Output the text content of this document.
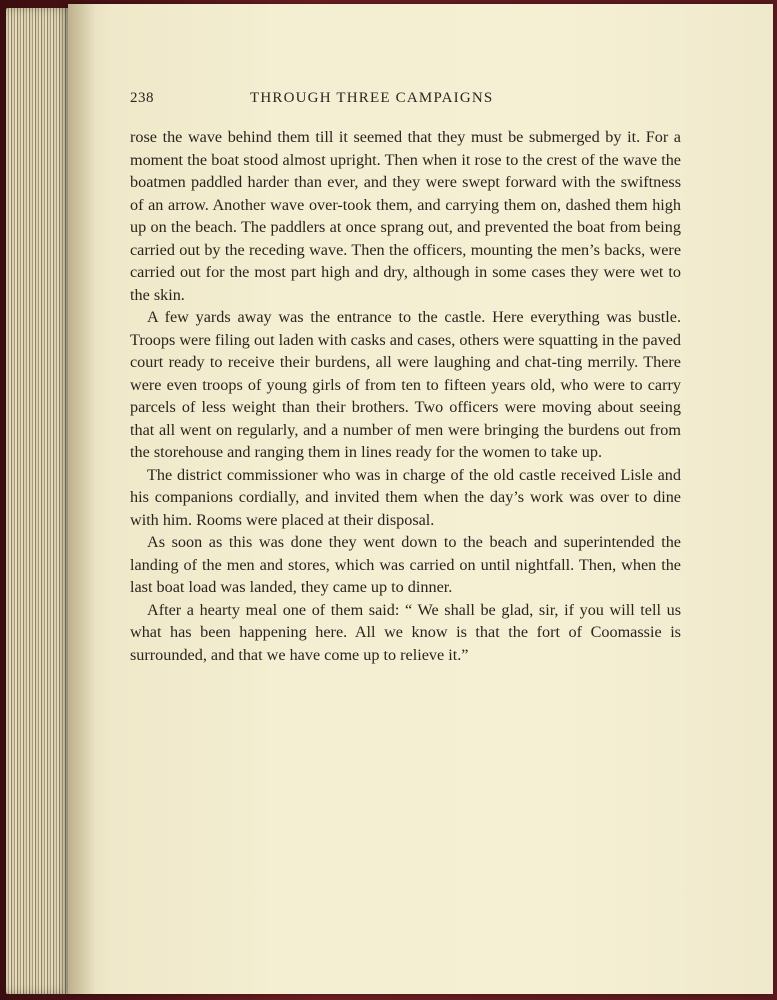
238	THROUGH THREE CAMPAIGNS

rose the wave behind them till it seemed that they must be submerged by it. For a moment the boat stood almost upright. Then when it rose to the crest of the wave the boatmen paddled harder than ever, and they were swept forward with the swiftness of an arrow. Another wave over-took them, and carrying them on, dashed them high up on the beach. The paddlers at once sprang out, and prevented the boat from being carried out by the receding wave. Then the officers, mounting the men’s backs, were carried out for the most part high and dry, although in some cases they were wet to the skin.

A few yards away was the entrance to the castle. Here everything was bustle. Troops were filing out laden with casks and cases, others were squatting in the paved court ready to receive their burdens, all were laughing and chat-ting merrily. There were even troops of young girls of from ten to fifteen years old, who were to carry parcels of less weight than their brothers. Two officers were moving about seeing that all went on regularly, and a number of men were bringing the burdens out from the storehouse and ranging them in lines ready for the women to take up.

The district commissioner who was in charge of the old castle received Lisle and his companions cordially, and invited them when the day’s work was over to dine with him. Rooms were placed at their disposal.

As soon as this was done they went down to the beach and superintended the landing of the men and stores, which was carried on until nightfall. Then, when the last boat load was landed, they came up to dinner.

After a hearty meal one of them said: “ We shall be glad, sir, if you will tell us what has been happening here. All we know is that the fort of Coomassie is surrounded, and that we have come up to relieve it.”
